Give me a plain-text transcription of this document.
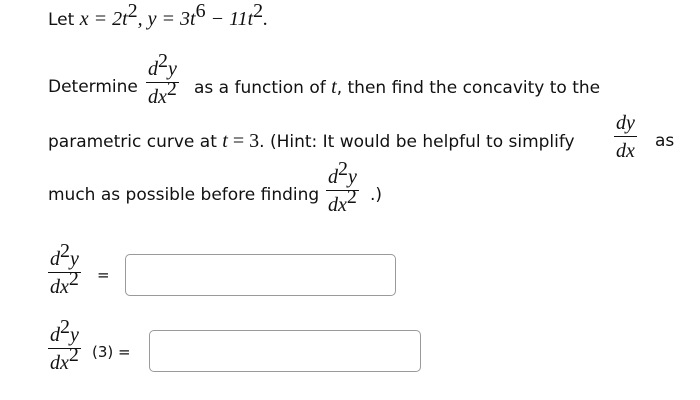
Let $x = 2t^2$, $y = 3t^6 - 11t^2$.
Determine
$d^2y$
$dx^2$ as a function of t, then find the concavity to the
parametric curve at t = 3. (Hint: It would be helpful to simplify
dy
dx as
much as possible before finding
$d^2y$
$dx^2$ .)
$d^2y$
$dx^2$ =
$d^2y$
$dx^2$ (3) =
